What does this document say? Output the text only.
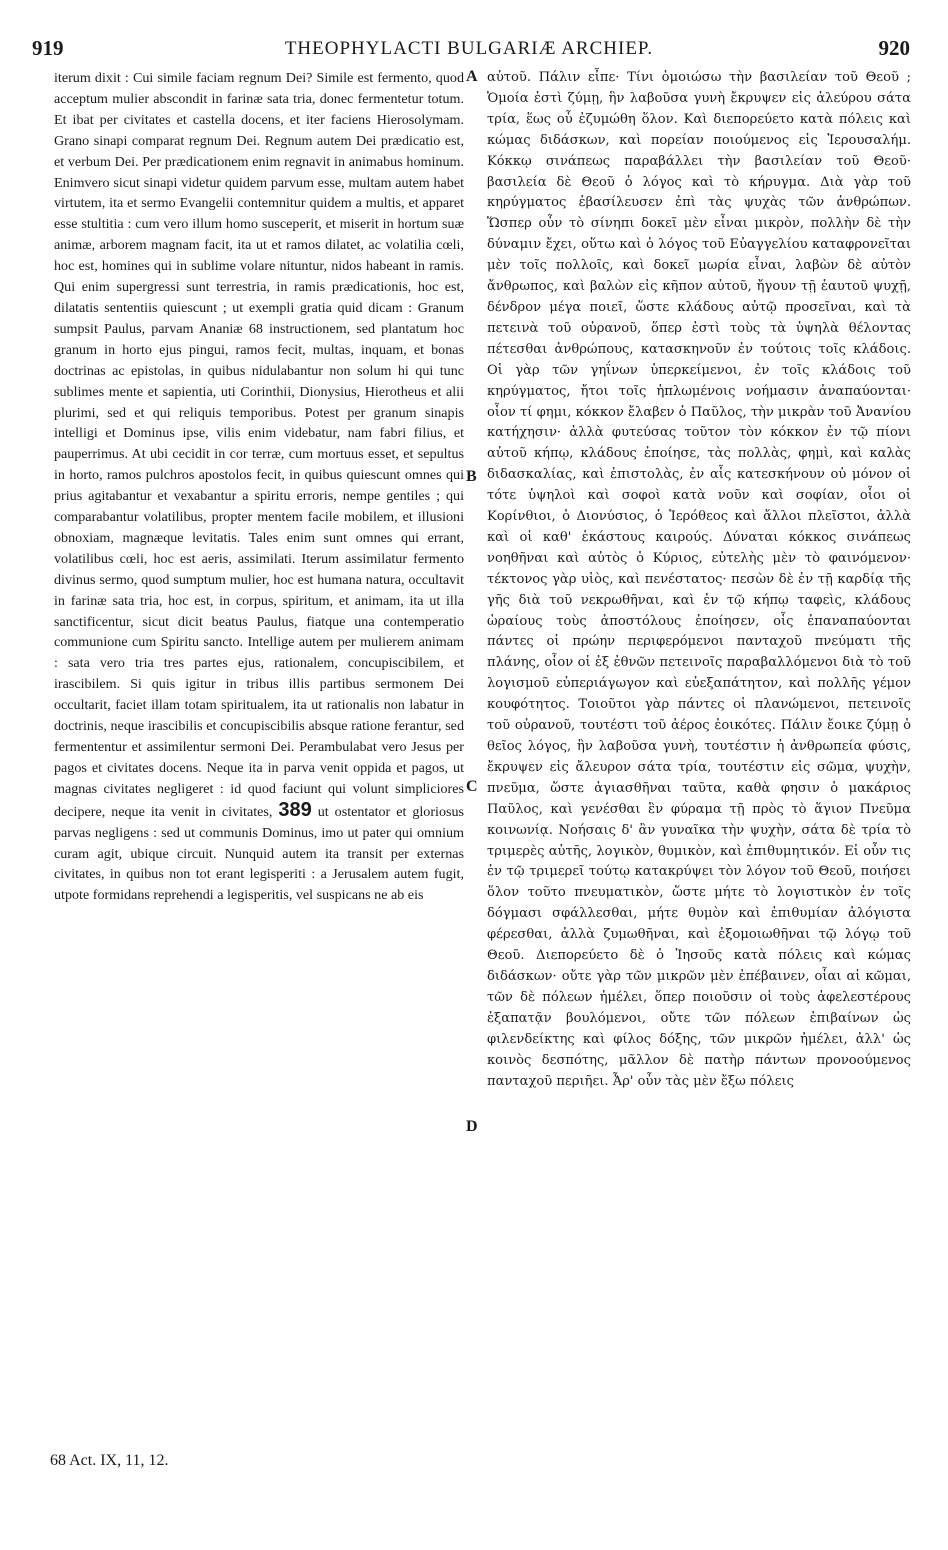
919	THEOPHYLACTI BULGARIÆ ARCHIEP.	920

iterum dixit : Cui simile faciam regnum Dei? Simile est fermento, quod acceptum mulier abscondit in farinæ sata tria, donec fermentetur totum. Et ibat per civitates et castella docens, et iter faciens Hierosolymam. Grano sinapi comparat regnum Dei. Regnum autem Dei prædicatio est, et verbum Dei. Per prædicationem enim regnavit in animabus hominum. Enimvero sicut sinapi videtur quidem parvum esse, multam autem habet virtutem, ita et sermo Evangelii contemnitur quidem a multis, et apparet esse stultitia : cum vero illum homo susceperit, et miserit in hortum suæ animæ, arborem magnam facit, ita ut et ramos dilatet, ac volatilia cœli, hoc est, homines qui in sublime volare nituntur, nidos habeant in ramis. Qui enim supergressi sunt terrestria, in ramis prædicationis, hoc est, dilatatis sententiis quiescunt ; ut exempli gratia quid dicam : Granum sumpsit Paulus, parvam Ananiæ 68 instructionem, sed plantatum hoc granum in horto ejus pingui, ramos fecit, multas, inquam, et bonas doctrinas ac epistolas, in quibus nidulabantur non solum hi qui tunc sublimes mente et sapientia, uti Corinthii, Dionysius, Hierotheus et alii plurimi, sed et qui reliquis temporibus. Potest per granum sinapis intelligi et Dominus ipse, vilis enim videbatur, nam fabri filius, et pauperrimus. At ubi cecidit in cor terræ, cum mortuus esset, et sepultus in horto, ramos pulchros apostolos fecit, in quibus quiescunt omnes qui prius agitabantur et vexabantur a spiritu erroris, nempe gentiles ; qui comparabantur volatilibus, propter mentem facile mobilem, et illusioni obnoxiam, magnæque levitatis. Tales enim sunt omnes qui errant, volatilibus cœli, hoc est aeris, assimilati. Iterum assimilatur fermento divinus sermo, quod sumptum mulier, hoc est humana natura, occultavit in farinæ sata tria, hoc est, in corpus, spiritum, et animam, ita ut illa sanctificentur, sicut dicit beatus Paulus, fiatque una contemperatio communione cum Spiritu sancto. Intellige autem per mulierem animam : sata vero tria tres partes ejus, rationalem, concupiscibilem, et irascibilem. Si quis igitur in tribus illis partibus sermonem Dei occultarit, faciet illam totam spiritualem, ita ut rationalis non labatur in doctrinis, neque irascibilis et concupiscibilis absque ratione ferantur, sed fermententur et assimilentur sermoni Dei. Perambulabat vero Jesus per pagos et civitates docens. Neque ita in parva venit oppida et pagos, ut magnas civitates negligeret : id quod faciunt qui volunt simpliciores decipere, neque ita venit in civitates, 389 ut ostentator et gloriosus parvas negligens : sed ut communis Dominus, imo ut pater qui omnium curam agit, ubique circuit. Nunquid autem ita transit per externas civitates, in quibus non tot erant legisperiti : a Jerusalem autem fugit, utpote formidans reprehendi a legisperitis, vel suspicans ne ab eis

A
B
C
D

αὐτοῦ. Πάλιν εἶπε· Τίνι ὁμοιώσω τὴν βασιλείαν τοῦ Θεοῦ ; Ὁμοία ἐστὶ ζύμῃ, ἣν λαβοῦσα γυνὴ ἔκρυψεν εἰς ἀλεύρου σάτα τρία, ἕως οὗ ἐζυμώθη ὅλον. Καὶ διεπορεύετο κατὰ πόλεις καὶ κώμας διδάσκων, καὶ πορείαν ποιούμενος εἰς Ἱερουσαλήμ. Κόκκῳ σινάπεως παραβάλλει τὴν βασιλείαν τοῦ Θεοῦ· βασιλεία δὲ Θεοῦ ὁ λόγος καὶ τὸ κήρυγμα. Διὰ γὰρ τοῦ κηρύγματος ἐβασίλευσεν ἐπὶ τὰς ψυχὰς τῶν ἀνθρώπων. Ὥσπερ οὖν τὸ σίνηπι δοκεῖ μὲν εἶναι μικρὸν, πολλὴν δὲ τὴν δύναμιν ἔχει, οὕτω καὶ ὁ λόγος τοῦ Εὐαγγελίου καταφρονεῖται μὲν τοῖς πολλοῖς, καὶ δοκεῖ μωρία εἶναι, λαβὼν δὲ αὐτὸν ἄνθρωπος, καὶ βαλὼν εἰς κῆπον αὐτοῦ, ἤγουν τῇ ἑαυτοῦ ψυχῇ, δένδρον μέγα ποιεῖ, ὥστε κλάδους αὐτῷ προσεῖναι, καὶ τὰ πετεινὰ τοῦ οὐρανοῦ, ὅπερ ἐστὶ τοὺς τὰ ὑψηλὰ θέλοντας πέτεσθαι ἀνθρώπους, κατασκηνοῦν ἐν τούτοις τοῖς κλάδοις. Οἱ γὰρ τῶν γηΐνων ὑπερκείμενοι, ἐν τοῖς κλάδοις τοῦ κηρύγματος, ἤτοι τοῖς ἡπλωμένοις νοήμασιν ἀναπαύονται· οἷον τί φημι, κόκκον ἔλαβεν ὁ Παῦλος, τὴν μικρὰν τοῦ Ἀνανίου κατήχησιν· ἀλλὰ φυτεύσας τοῦτον τὸν κόκκον ἐν τῷ πίονι αὐτοῦ κήπῳ, κλάδους ἐποίησε, τὰς πολλὰς, φημὶ, καὶ καλὰς διδασκαλίας, καὶ ἐπιστολὰς, ἐν αἷς κατεσκήνουν οὐ μόνον οἱ τότε ὑψηλοὶ καὶ σοφοὶ κατὰ νοῦν καὶ σοφίαν, οἷοι οἱ Κορίνθιοι, ὁ Διονύσιος, ὁ Ἱερόθεος καὶ ἄλλοι πλεῖστοι, ἀλλὰ καὶ οἱ καθ' ἑκάστους καιρούς. Δύναται κόκκος σινάπεως νοηθῆναι καὶ αὐτὸς ὁ Κύριος, εὐτελὴς μὲν τὸ φαινόμενον· τέκτονος γὰρ υἱὸς, καὶ πενέστατος· πεσὼν δὲ ἐν τῇ καρδίᾳ τῆς γῆς διὰ τοῦ νεκρωθῆναι, καὶ ἐν τῷ κήπῳ ταφεὶς, κλάδους ὡραίους τοὺς ἀποστόλους ἐποίησεν, οἷς ἐπαναπαύονται πάντες οἱ πρώην περιφερόμενοι πανταχοῦ πνεύματι τῆς πλάνης, οἷον οἱ ἐξ ἐθνῶν πετεινοῖς παραβαλλόμενοι διὰ τὸ τοῦ λογισμοῦ εὐπεριάγωγον καὶ εὐεξαπάτητον, καὶ πολλῆς γέμον κουφότητος. Τοιοῦτοι γὰρ πάντες οἱ πλανώμενοι, πετεινοῖς τοῦ οὐρανοῦ, τουτέστι τοῦ ἀέρος ἐοικότες. Πάλιν ἔοικε ζύμῃ ὁ θεῖος λόγος, ἣν λαβοῦσα γυνὴ, τουτέστιν ἡ ἀνθρωπεία φύσις, ἔκρυψεν εἰς ἄλευρον σάτα τρία, τουτέστιν εἰς σῶμα, ψυχὴν, πνεῦμα, ὥστε ἁγιασθῆναι ταῦτα, καθὰ φησιν ὁ μακάριος Παῦλος, καὶ γενέσθαι ἓν φύραμα τῇ πρὸς τὸ ἅγιον Πνεῦμα κοινωνίᾳ. Νοήσαις δ' ἂν γυναῖκα τὴν ψυχὴν, σάτα δὲ τρία τὸ τριμερὲς αὐτῆς, λογικὸν, θυμικὸν, καὶ ἐπιθυμητικόν. Εἰ οὖν τις ἐν τῷ τριμερεῖ τούτῳ κατακρύψει τὸν λόγον τοῦ Θεοῦ, ποιήσει ὅλον τοῦτο πνευματικὸν, ὥστε μήτε τὸ λογιστικὸν ἐν τοῖς δόγμασι σφάλλεσθαι, μήτε θυμὸν καὶ ἐπιθυμίαν ἀλόγιστα φέρεσθαι, ἀλλὰ ζυμωθῆναι, καὶ ἐξομοιωθῆναι τῷ λόγῳ τοῦ Θεοῦ. Διεπορεύετο δὲ ὁ Ἰησοῦς κατὰ πόλεις καὶ κώμας διδάσκων· οὔτε γὰρ τῶν μικρῶν μὲν ἐπέβαινεν, οἷαι αἱ κῶμαι, τῶν δὲ πόλεων ἠμέλει, ὅπερ ποιοῦσιν οἱ τοὺς ἀφελεστέρους ἐξαπατᾷν βουλόμενοι, οὔτε τῶν πόλεων ἐπιβαίνων ὡς φιλενδείκτης καὶ φίλος δόξης, τῶν μικρῶν ἠμέλει, ἀλλ' ὡς κοινὸς δεσπότης, μᾶλλον δὲ πατὴρ πάντων προνοούμενος πανταχοῦ περιῆει. Ἆρ' οὖν τὰς μὲν ἔξω πόλεις

68 Act. IX, 11, 12.
